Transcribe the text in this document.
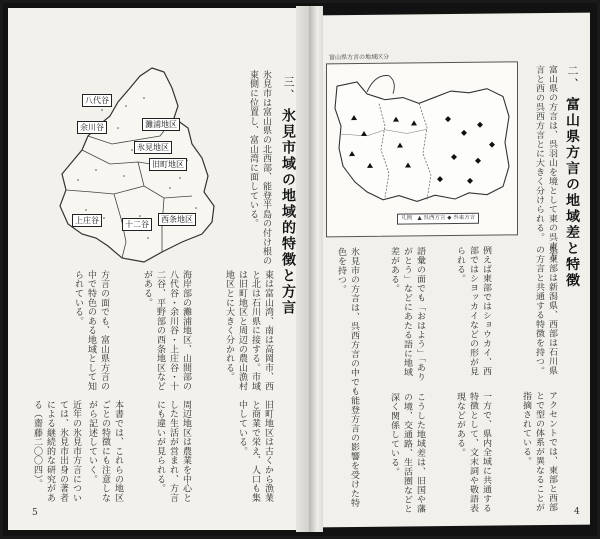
八代谷
余川谷	灘浦地区
氷見地区
旧町地区
上庄谷	十二谷
西条地区
三、
氷見市域の地域的特徴と方言
氷見市は富山県の北西部、能登半島の付け根の東側に位置し、富山湾に面している。
東は富山湾、南は高岡市、西と北は石川県に接する。市域は旧町地区と周辺の農山漁村地区とに大きく分かれる。
海岸部の灘浦地区、山間部の八代谷・余川谷・上庄谷・十二谷、平野部の西条地区などがある。
方言の面でも、富山県方言の中で特色のある地域として知られている。
旧町地区は古くから漁業と商業で栄え、人口も集中している。
周辺地区は農業を中心とした生活が営まれ、方言にも違いが見られる。
本書では、これらの地区ごとの特徴にも注意しながら記述していく。
近年の氷見市方言については、氷見市出身の著者による継続的な研究がある（齋藤二〇〇四）。
5
富山県方言の地域区分
凡例　▲ 呉西方言 ◆ 呉東方言
二、
富山県方言の地域差と特徴
富山県の方言は、呉羽山を境として東の呉東方言と西の呉西方言とに大きく分けられる。
県東部は新潟県、西部は石川県の方言と共通する特徴を持つ。
例えば東部ではショウカイ、西部ではシヨッカイなどの形が見られる。
語彙の面でも「おはよう」「ありがとう」などにあたる語に地域差がある。
アクセントでは、東部と西部とで型の体系が異なることが指摘されている。
一方で、県内全域に共通する特徴として、文末詞や敬語表現などがある。
こうした地域差は、旧国や藩の境、交通路、生活圏などと深く関係している。
氷見市の方言は、呉西方言の中でも能登方言の影響を受けた特色を持つ。
4
